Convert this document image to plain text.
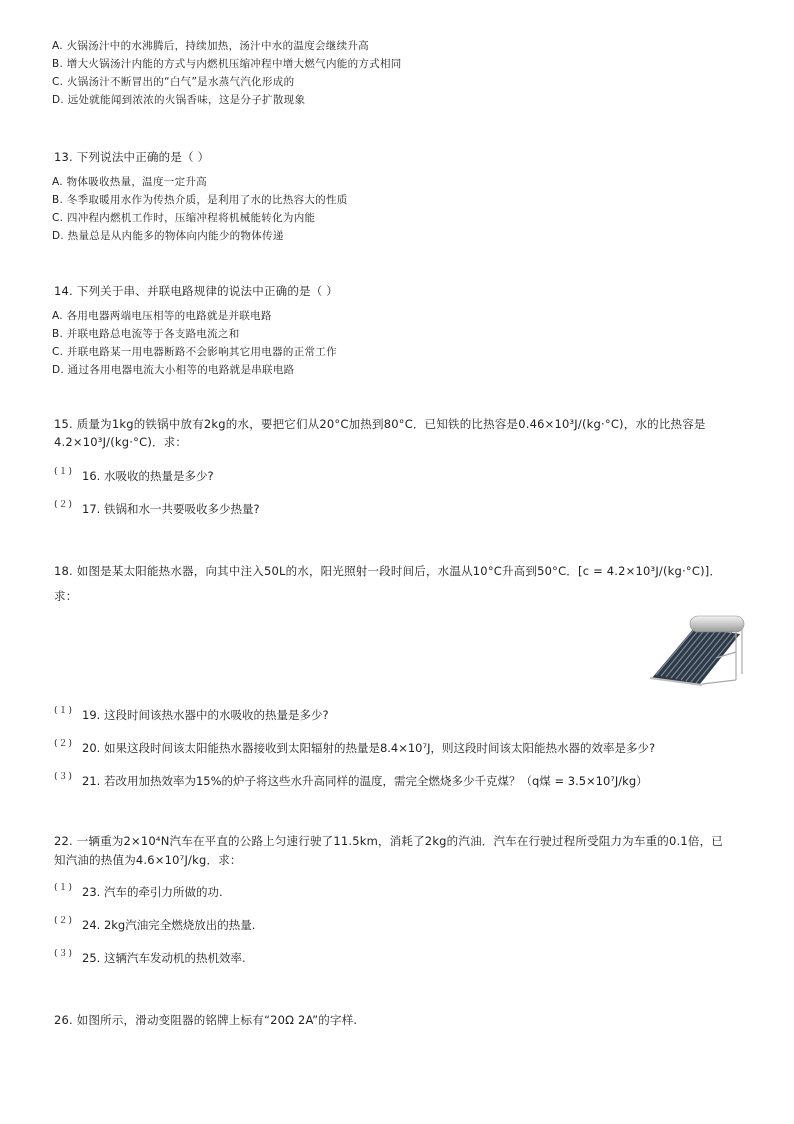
A. 火锅汤汁中的水沸腾后，持续加热，汤汁中水的温度会继续升高
B. 增大火锅汤汁内能的方式与内燃机压缩冲程中增大燃气内能的方式相同
C. 火锅汤汁不断冒出的“白气”是水蒸气汽化形成的
D. 远处就能闻到浓浓的火锅香味，这是分子扩散现象
13. 下列说法中正确的是（ ）
A. 物体吸收热量，温度一定升高
B. 冬季取暖用水作为传热介质，是利用了水的比热容大的性质
C. 四冲程内燃机工作时，压缩冲程将机械能转化为内能
D. 热量总是从内能多的物体向内能少的物体传递
14. 下列关于串、并联电路规律的说法中正确的是（ ）
A. 各用电器两端电压相等的电路就是并联电路
B. 并联电路总电流等于各支路电流之和
C. 并联电路某一用电器断路不会影响其它用电器的正常工作
D. 通过各用电器电流大小相等的电路就是串联电路
15. 质量为1kg的铁锅中放有2kg的水，要把它们从20°C加热到80°C．已知铁的比热容是0.46×10³J/(kg·°C)，水的比热容是
4.2×10³J/(kg·°C)．求：
(１) 16. 水吸收的热量是多少?
(２) 17. 铁锅和水一共要吸收多少热量?
18. 如图是某太阳能热水器，向其中注入50L的水，阳光照射一段时间后，水温从10°C升高到50°C．[c = 4.2×10³J/(kg·°C)]．
求：
(１) 19. 这段时间该热水器中的水吸收的热量是多少?
(２) 20. 如果这段时间该太阳能热水器接收到太阳辐射的热量是8.4×10⁷J，则这段时间该太阳能热水器的效率是多少?
(３) 21. 若改用加热效率为15%的炉子将这些水升高同样的温度，需完全燃烧多少千克煤？（q煤 = 3.5×10⁷J/kg）
22. 一辆重为2×10⁴N汽车在平直的公路上匀速行驶了11.5km，消耗了2kg的汽油．汽车在行驶过程所受阻力为车重的0.1倍，已
知汽油的热值为4.6×10⁷J/kg．求：
(１) 23. 汽车的牵引力所做的功.
(２) 24. 2kg汽油完全燃烧放出的热量.
(３) 25. 这辆汽车发动机的热机效率.
26. 如图所示，滑动变阻器的铭牌上标有“20Ω 2A”的字样.
